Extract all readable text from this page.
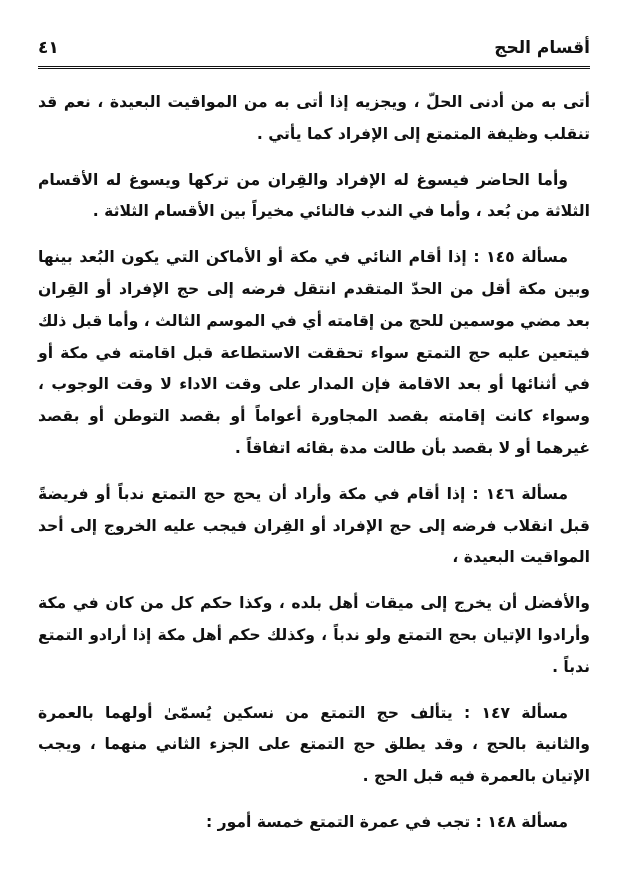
أقسام الحج
٤١

أتى به من أدنى الحلّ ، ويجزيه إذا أتى به من المواقيت البعيدة ، نعم قد تنقلب وظيفة المتمتع إلى الإفراد كما يأتي .

وأما الحاضر فيسوغ له الإفراد والقِران من تركها ويسوغ له الأقسام الثلاثة من بُعد ، وأما في الندب فالنائي مخيراً بين الأقسام الثلاثة .

مسألة ١٤٥ : إذا أقام النائي في مكة أو الأماكن التي يكون البُعد بينها وبين مكة أقل من الحدّ المتقدم انتقل فرضه إلى حج الإفراد أو القِران بعد مضي موسمين للحج من إقامته أي في الموسم الثالث ، وأما قبل ذلك فيتعين عليه حج التمتع سواء تحققت الاستطاعة قبل اقامته في مكة أو في أثنائها أو بعد الاقامة فإن المدار على وقت الاداء لا وقت الوجوب ، وسواء كانت إقامته بقصد المجاورة أعواماً أو بقصد التوطن أو بقصد غيرهما أو لا بقصد بأن طالت مدة بقائه اتفاقاً .

مسألة ١٤٦ : إذا أقام في مكة وأراد أن يحج حج التمتع ندباً أو فريضةً قبل انقلاب فرضه إلى حج الإفراد أو القِران فيجب عليه الخروج إلى أحد المواقيت البعيدة ،

والأفضل أن يخرج إلى ميقات أهل بلده ، وكذا حكم كل من كان في مكة وأرادوا الإتيان بحج التمتع ولو ندباً ، وكذلك حكم أهل مكة إذا أرادو التمتع ندباً .

مسألة ١٤٧ : يتألف حج التمتع من نسكين يُسمّىٰ أولهما بالعمرة والثانية بالحج ، وقد يطلق حج التمتع على الجزء الثاني منهما ، ويجب الإتيان بالعمرة فيه قبل الحج .

مسألة ١٤٨ : تجب في عمرة التمتع خمسة أمور :
